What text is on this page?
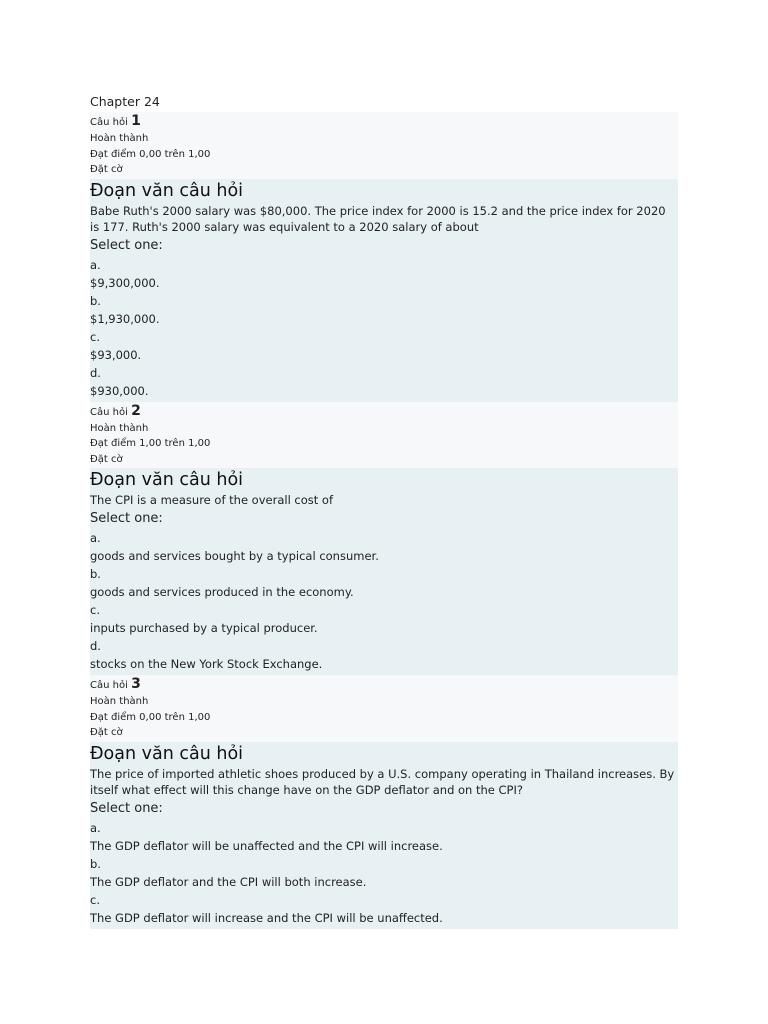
Chapter 24
Câu hỏi 1
Hoàn thành
Đạt điểm 0,00 trên 1,00
Đặt cờ
Đoạn văn câu hỏi
Babe Ruth's 2000 salary was $80,000. The price index for 2000 is 15.2 and the price index for 2020 is 177. Ruth's 2000 salary was equivalent to a 2020 salary of about
Select one:
a.
$9,300,000.
b.
$1,930,000.
c.
$93,000.
d.
$930,000.
Câu hỏi 2
Hoàn thành
Đạt điểm 1,00 trên 1,00
Đặt cờ
Đoạn văn câu hỏi
The CPI is a measure of the overall cost of
Select one:
a.
goods and services bought by a typical consumer.
b.
goods and services produced in the economy.
c.
inputs purchased by a typical producer.
d.
stocks on the New York Stock Exchange.
Câu hỏi 3
Hoàn thành
Đạt điểm 0,00 trên 1,00
Đặt cờ
Đoạn văn câu hỏi
The price of imported athletic shoes produced by a U.S. company operating in Thailand increases. By itself what effect will this change have on the GDP deflator and on the CPI?
Select one:
a.
The GDP deflator will be unaffected and the CPI will increase.
b.
The GDP deflator and the CPI will both increase.
c.
The GDP deflator will increase and the CPI will be unaffected.
